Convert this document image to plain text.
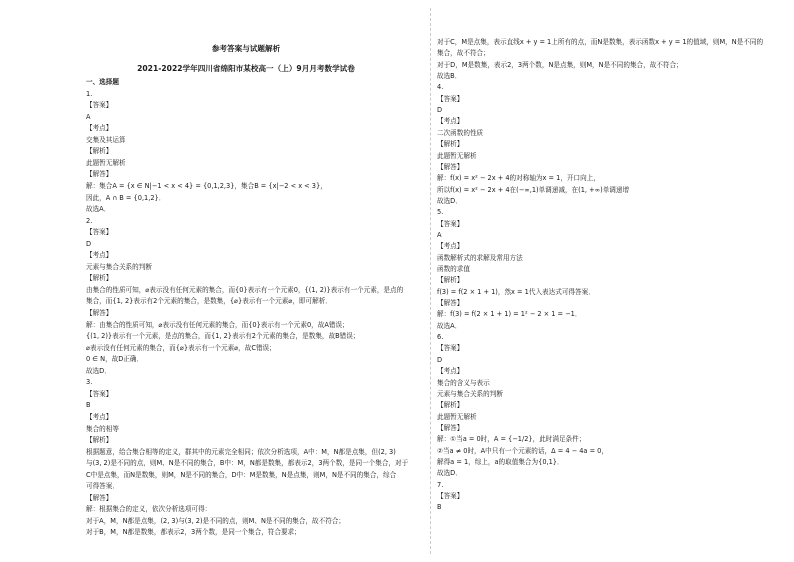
参考答案与试题解析
2021-2022学年四川省绵阳市某校高一（上）9月月考数学试卷
一、选择题
1.
【答案】
A
【考点】
交集及其运算
【解析】
此题暂无解析
【解答】
解：集合A = {x ∈ N|−1 < x < 4} = {0,1,2,3}，集合B = {x|−2 < x < 3}，
因此，A ∩ B = {0,1,2}．
故选A．
2.
【答案】
D
【考点】
元素与集合关系的判断
【解析】
由集合的性质可知，⌀表示没有任何元素的集合，而{0}表示有一个元素0，{(1, 2)}表示有一个元素，是点的
集合，而{1, 2}表示有2个元素的集合，是数集，{⌀}表示有一个元素⌀，即可解析．
【解答】
解：由集合的性质可知，⌀表示没有任何元素的集合，而{0}表示有一个元素0，故A错误；
{(1, 2)}表示有一个元素，是点的集合，而{1, 2}表示有2个元素的集合，是数集，故B错误；
⌀表示没有任何元素的集合，而{⌀}表示有一个元素⌀，故C错误；
0 ∈ N，故D正确．
故选D．
3.
【答案】
B
【考点】
集合的相等
【解析】
根据题意，给合集合相等的定义，群其中的元素完全相同；依次分析选项，A中：M，N都是点集，但(2, 3)
与(3, 2)是不同的点，则M、N是不同的集合，B中：M，N都是数集，都表示2，3两个数，是同一个集合，对于
C中是点集，而N是数集，则M，N是不同的集合，D中：M是数集，N是点集，则M，N是不同的集合，综合
可得答案．
【解答】
解：根据集合的定义，依次分析选项可得：
对于A，M，N都是点集，(2, 3)与(3, 2)是不同的点，则M、N是不同的集合，故不符合；
对于B，M，N都是数集，都表示2，3两个数，是同一个集合，符合要求；
对于C，M是点集，表示直线x + y = 1上所有的点，而N是数集，表示函数x + y = 1的值域，则M，N是不同的
集合，故不符合；
对于D，M是数集，表示2，3两个数，N是点集，则M，N是不同的集合，故不符合；
故选B．
4.
【答案】
D
【考点】
二次函数的性质
【解析】
此题暂无解析
【解答】
解：f(x) = x² − 2x + 4的对称轴为x = 1，开口向上，
所以f(x) = x² − 2x + 4在(−∞,1)单调递减，在(1, +∞)单调递增
故选D．
5.
【答案】
A
【考点】
函数解析式的求解及常用方法
函数的求值
【解析】
f(3) = f(2 × 1 + 1)，然x = 1代入表达式可得答案．
【解答】
解：f(3) = f(2 × 1 + 1) = 1² − 2 × 1 = −1．
故选A．
6.
【答案】
D
【考点】
集合的含义与表示
元素与集合关系的判断
【解析】
此题暂无解析
【解答】
解：①当a = 0时，A = {−1/2}，此时满足条件；
②当a ≠ 0时，A中只有一个元素的话，Δ = 4 − 4a = 0，
解得a = 1，综上，a的取值集合为{0,1}．
故选D．
7.
【答案】
B
